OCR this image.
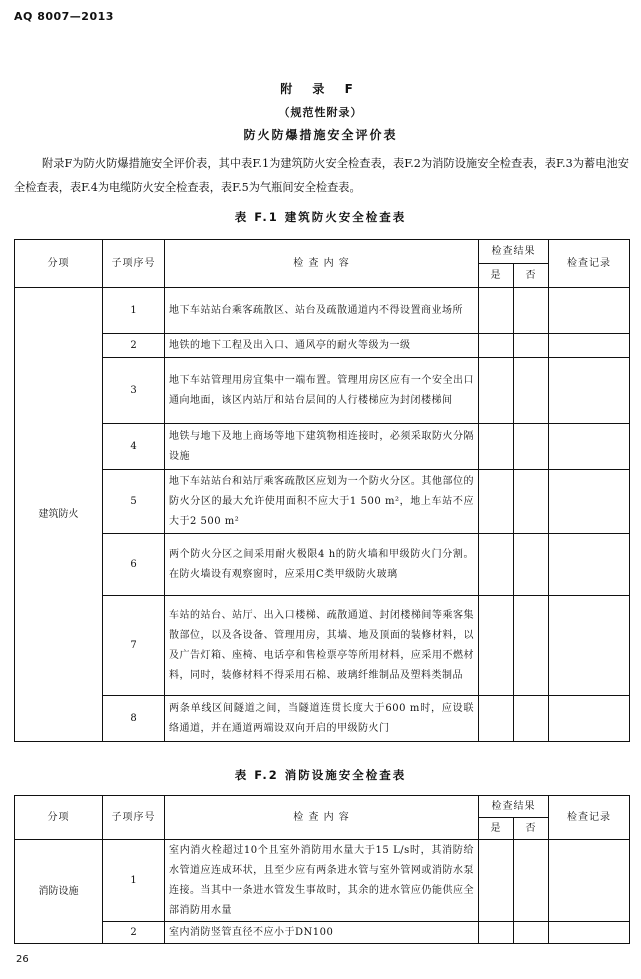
AQ 8007—2013
附 录 F
（规范性附录）
防火防爆措施安全评价表

附录F为防火防爆措施安全评价表，其中表F.1为建筑防火安全检查表，表F.2为消防设施安全检查表，表F.3为蓄电池安全检查表，表F.4为电缆防火安全检查表，表F.5为气瓶间安全检查表。

表 F.1 建筑防火安全检查表
分项	子项序号	检 查 内 容	检查结果		检查记录
			是	否	
建筑防火	1	地下车站站台乘客疏散区、站台及疏散通道内不得设置商业场所			
	2	地铁的地下工程及出入口、通风亭的耐火等级为一级			
	3	地下车站管理用房宜集中一端布置。管理用房区应有一个安全出口通向地面，该区内站厅和站台层间的人行楼梯应为封闭楼梯间			
	4	地铁与地下及地上商场等地下建筑物相连接时，必须采取防火分隔设施			
	5	地下车站站台和站厅乘客疏散区应划为一个防火分区。其他部位的防火分区的最大允许使用面积不应大于1 500 m²，地上车站不应大于2 500 m²			
	6	两个防火分区之间采用耐火极限4 h的防火墙和甲级防火门分割。在防火墙设有观察窗时，应采用C类甲级防火玻璃			
	7	车站的站台、站厅、出入口楼梯、疏散通道、封闭楼梯间等乘客集散部位，以及各设备、管理用房，其墙、地及顶面的装修材料，以及广告灯箱、座椅、电话亭和售检票亭等所用材料，应采用不燃材料，同时，装修材料不得采用石棉、玻璃纤维制品及塑料类制品			
	8	两条单线区间隧道之间，当隧道连贯长度大于600 m时，应设联络通道，并在通道两端设双向开启的甲级防火门			
表 F.2 消防设施安全检查表
分项	子项序号	检 查 内 容	检查结果		检查记录
			是	否	
消防设施	1	室内消火栓超过10个且室外消防用水量大于15 L/s时，其消防给水管道应连成环状，且至少应有两条进水管与室外管网或消防水泵连接。当其中一条进水管发生事故时，其余的进水管应仍能供应全部消防用水量			
	2	室内消防竖管直径不应小于DN100			
26
